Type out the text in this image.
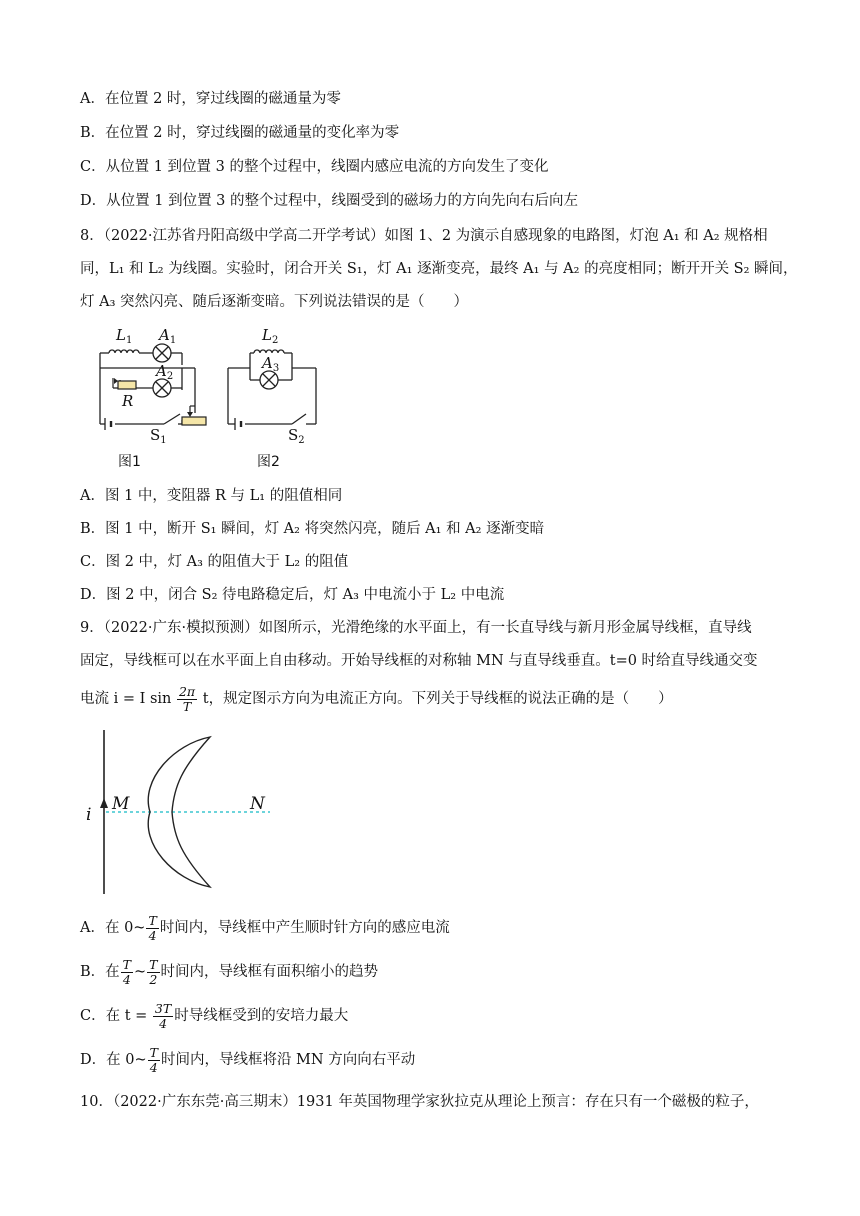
A．在位置 2 时，穿过线圈的磁通量为零
B．在位置 2 时，穿过线圈的磁通量的变化率为零
C．从位置 1 到位置 3 的整个过程中，线圈内感应电流的方向发生了变化
D．从位置 1 到位置 3 的整个过程中，线圈受到的磁场力的方向先向右后向左
8．（2022·江苏省丹阳高级中学高二开学考试）如图 1、2 为演示自感现象的电路图，灯泡 A₁ 和 A₂ 规格相
同，L₁ 和 L₂ 为线圈。实验时，闭合开关 S₁，灯 A₁ 逐渐变亮，最终 A₁ 与 A₂ 的亮度相同；断开开关 S₂ 瞬间，
灯 A₃ 突然闪亮、随后逐渐变暗。下列说法错误的是（　　）
$L_1$ $A_1$
$A_2$
R
$S_1$
$L_2$
$A_3$
$S_2$
图1	图2
A．图 1 中，变阻器 R 与 L₁ 的阻值相同
B．图 1 中，断开 S₁ 瞬间，灯 A₂ 将突然闪亮，随后 A₁ 和 A₂ 逐渐变暗
C．图 2 中，灯 A₃ 的阻值大于 L₂ 的阻值
D．图 2 中，闭合 S₂ 待电路稳定后，灯 A₃ 中电流小于 L₂ 中电流
9．（2022·广东·模拟预测）如图所示，光滑绝缘的水平面上，有一长直导线与新月形金属导线框，直导线
固定，导线框可以在水平面上自由移动。开始导线框的对称轴 MN 与直导线垂直。t=0 时给直导线通交变
电流 i = I $\sin \frac{2\pi}{T}$ t，规定图示方向为电流正方向。下列关于导线框的说法正确的是（　　）
i
M	N
A．在 0~ $\frac{T}{4}$ 时间内，导线框中产生顺时针方向的感应电流
B．在 $\frac{T}{4}$ ~ $\frac{T}{2}$ 时间内，导线框有面积缩小的趋势
C．在 $t = \frac{3T}{4}$ 时导线框受到的安培力最大
D．在 0~ $\frac{T}{4}$ 时间内，导线框将沿 MN 方向向右平动
10．（2022·广东东莞·高三期末）1931 年英国物理学家狄拉克从理论上预言：存在只有一个磁极的粒子，
